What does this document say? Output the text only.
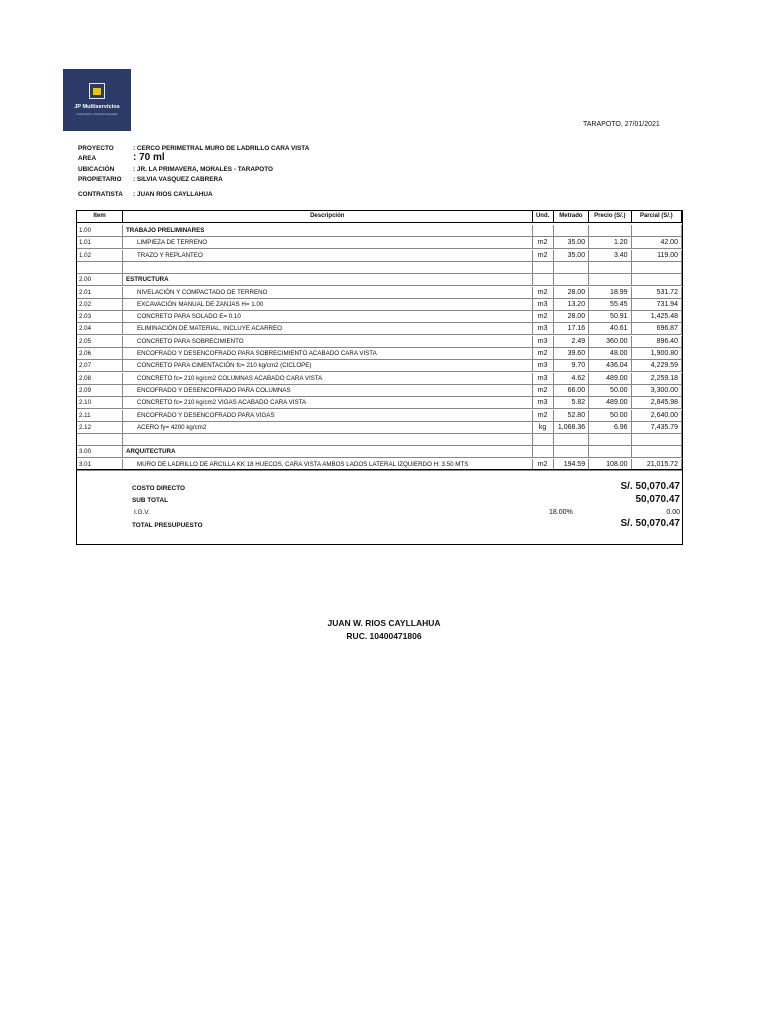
JP Multiservicios
Construcción y Servicios Generales
TARAPOTO, 27/01/2021
PROYECTO	: CERCO PERIMETRAL MURO DE LADRILLO CARA VISTA
AREA	: 70 ml
UBICACIÓN	: JR. LA PRIMAVERA, MORALES - TARAPOTO
PROPIETARIO : SILVIA VASQUEZ CABRERA
CONTRATISTA : JUAN RIOS CAYLLAHUA
Item	Descripción	Und.	Metrado	Precio (S/.)	Parcial (S/.)
1.00	TRABAJO PRELIMINARES
1.01	LIMPIEZA DE TERRENO	m2	35.00	1.20	42.00
1.02	TRAZO Y REPLANTEO	m2	35.00	3.40	119.00
2.00	ESTRUCTURA
2.01	NIVELACIÓN Y COMPACTADO DE TERRENO	m2	28.00	18.99	531.72
2.02	EXCAVACIÓN MANUAL DE ZANJAS H= 1.00	m3	13.20	55.45	731.94
2.03	CONCRETO PARA SOLADO E= 0.10	m2	28.00	50.91	1,425.48
2.04	ELIMINACIÓN DE MATERIAL, INCLUYE ACARREO	m3	17.16	40.61	696.87
2.05	CONCRETO PARA SOBRECIMIENTO	m3	2.49	360.00	896.40
2.06	ENCOFRADO Y DESENCOFRADO PARA SOBRECIMIENTO ACABADO CARA VISTA	m2	39.60	48.00	1,900.80
2.07	CONCRETO PARA CIMENTACIÓN fc= 210 kg/cm2 (CICLOPE)	m3	9.70	436.04	4,229.59
2.08	CONCRETO fc= 210 kg/cm2 COLUMNAS ACABADO CARA VISTA	m3	4.62	489.00	2,259.18
2.09	ENCOFRADO Y DESENCOFRADO PARA COLUMNAS	m2	66.00	50.00	3,300.00
2.10	CONCRETO fc= 210 kg/cm2 VIGAS ACABADO CARA VISTA	m3	5.82	489.00	2,845.98
2.11	ENCOFRADO Y DESENCOFRADO PARA VIGAS	m2	52.80	50.00	2,640.00
2.12	ACERO fy= 4200 kg/cm2	kg	1,068.36	6.96	7,435.79
3.00	ARQUITECTURA
3.01	MURO DE LADRILLO DE ARCILLA KK 18 HUECOS, CARA VISTA AMBOS LADOS LATERAL IZQUIERDO H: 3.50 MTS	m2	194.59	108.00	21,015.72
COSTO DIRECTO	S/. 50,070.47
SUB TOTAL	50,070.47
I.G.V.	18.00%	0.00
TOTAL PRESUPUESTO	S/. 50,070.47
JUAN W. RIOS CAYLLAHUA
RUC. 10400471806
